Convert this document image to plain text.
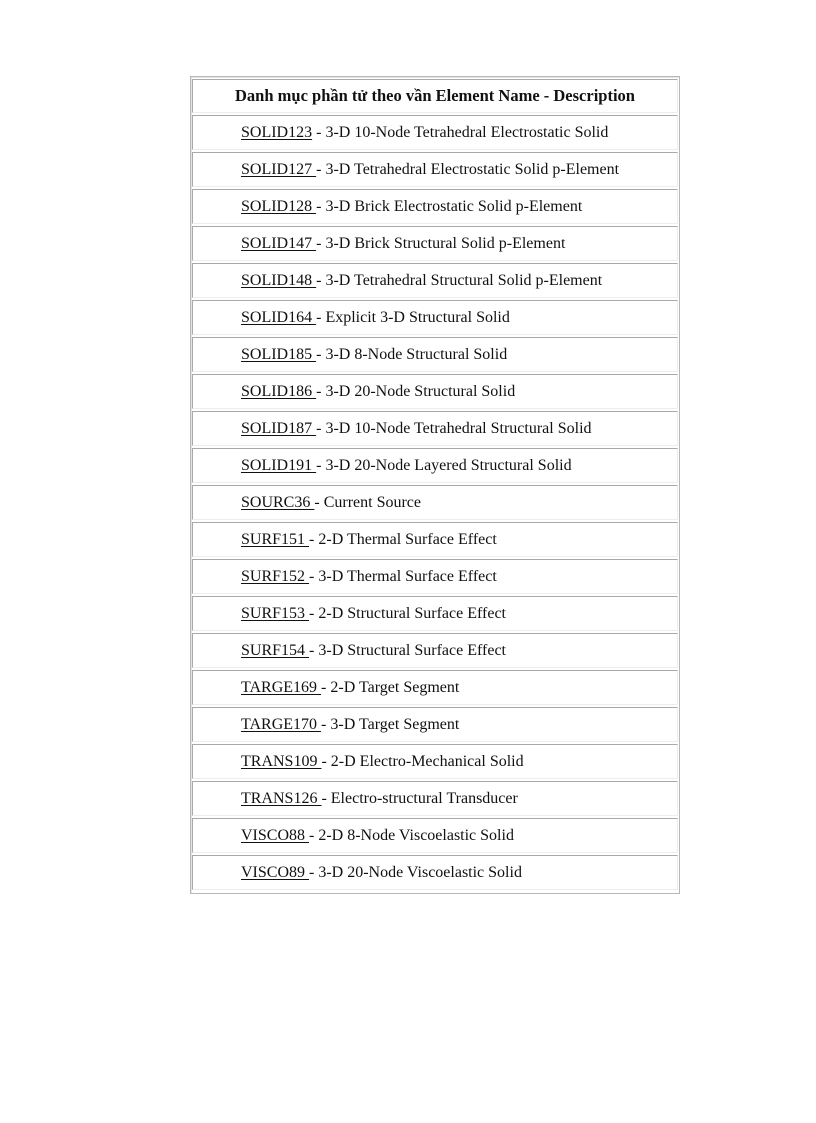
Danh mục phần tử theo vần Element Name - Description
SOLID123 - 3-D 10-Node Tetrahedral Electrostatic Solid
SOLID127 - 3-D Tetrahedral Electrostatic Solid p-Element
SOLID128 - 3-D Brick Electrostatic Solid p-Element
SOLID147 - 3-D Brick Structural Solid p-Element
SOLID148 - 3-D Tetrahedral Structural Solid p-Element
SOLID164 - Explicit 3-D Structural Solid
SOLID185 - 3-D 8-Node Structural Solid
SOLID186 - 3-D 20-Node Structural Solid
SOLID187 - 3-D 10-Node Tetrahedral Structural Solid
SOLID191 - 3-D 20-Node Layered Structural Solid
SOURC36 - Current Source
SURF151 - 2-D Thermal Surface Effect
SURF152 - 3-D Thermal Surface Effect
SURF153 - 2-D Structural Surface Effect
SURF154 - 3-D Structural Surface Effect
TARGE169 - 2-D Target Segment
TARGE170 - 3-D Target Segment
TRANS109 - 2-D Electro-Mechanical Solid
TRANS126 - Electro-structural Transducer
VISCO88 - 2-D 8-Node Viscoelastic Solid
VISCO89 - 3-D 20-Node Viscoelastic Solid
